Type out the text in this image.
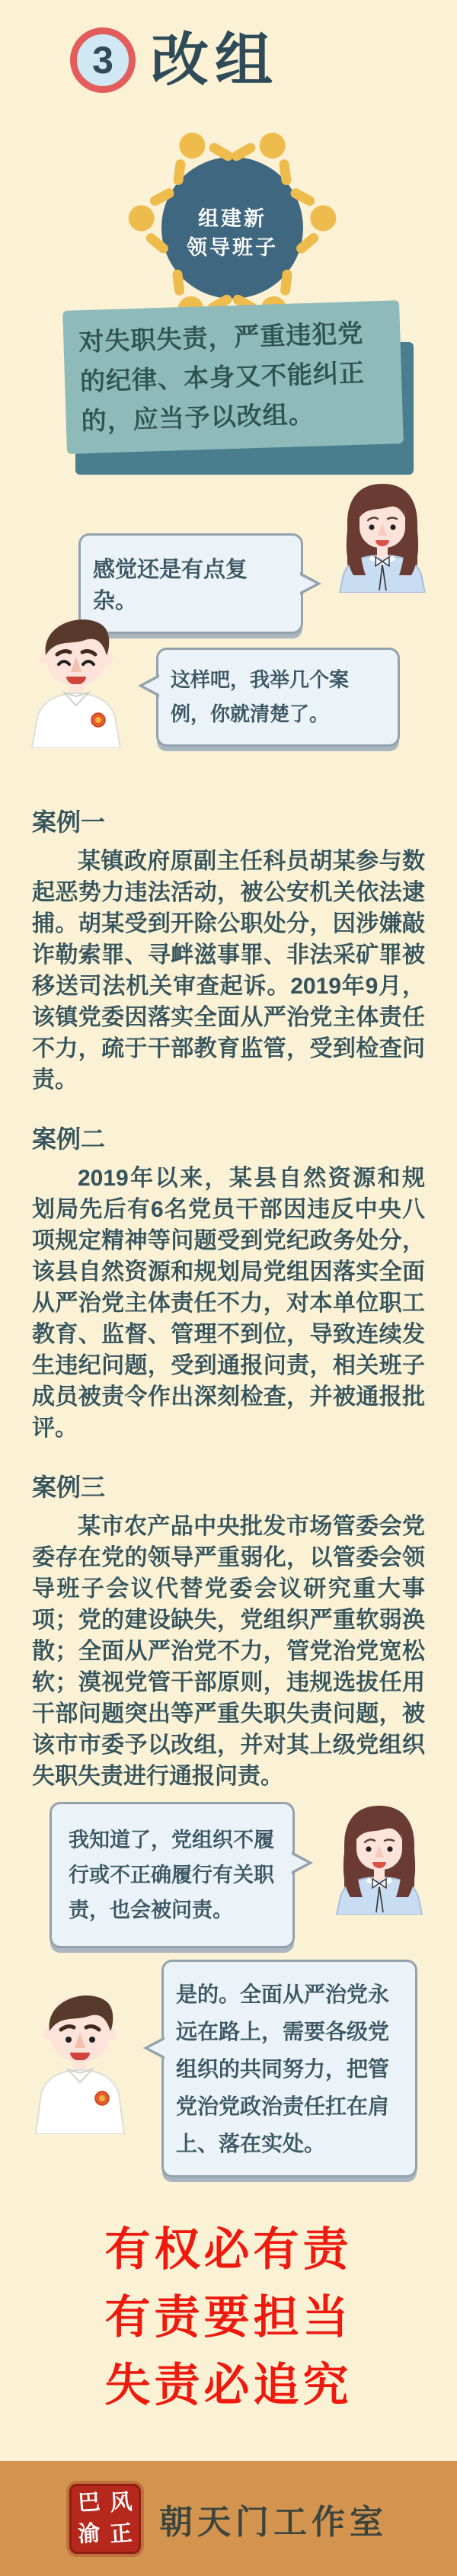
3 改组
组建新
领导班子

对失职失责，严重违犯党的纪律、本身又不能纠正的，应当予以改组。

感觉还是有点复杂。

这样吧，我举几个案例，你就清楚了。

案例一

某镇政府原副主任科员胡某参与数起恶势力违法活动，被公安机关依法逮捕。胡某受到开除公职处分，因涉嫌敲诈勒索罪、寻衅滋事罪、非法采矿罪被移送司法机关审查起诉。2019年9月，该镇党委因落实全面从严治党主体责任不力，疏于干部教育监管，受到检查问责。

案例二

2019年以来，某县自然资源和规划局先后有6名党员干部因违反中央八项规定精神等问题受到党纪政务处分，该县自然资源和规划局党组因落实全面从严治党主体责任不力，对本单位职工教育、监督、管理不到位，导致连续发生违纪问题，受到通报问责，相关班子成员被责令作出深刻检查，并被通报批评。

案例三

某市农产品中央批发市场管委会党委存在党的领导严重弱化，以管委会领导班子会议代替党委会议研究重大事项；党的建设缺失，党组织严重软弱涣散；全面从严治党不力，管党治党宽松软；漠视党管干部原则，违规选拔任用干部问题突出等严重失职失责问题，被该市市委予以改组，并对其上级党组织失职失责进行通报问责。

我知道了，党组织不履行或不正确履行有关职责，也会被问责。

是的。全面从严治党永远在路上，需要各级党组织的共同努力，把管党治党政治责任扛在肩上、落在实处。

有权必有责
有责要担当
失责必追究
巴 风
渝 正 朝天门工作室
